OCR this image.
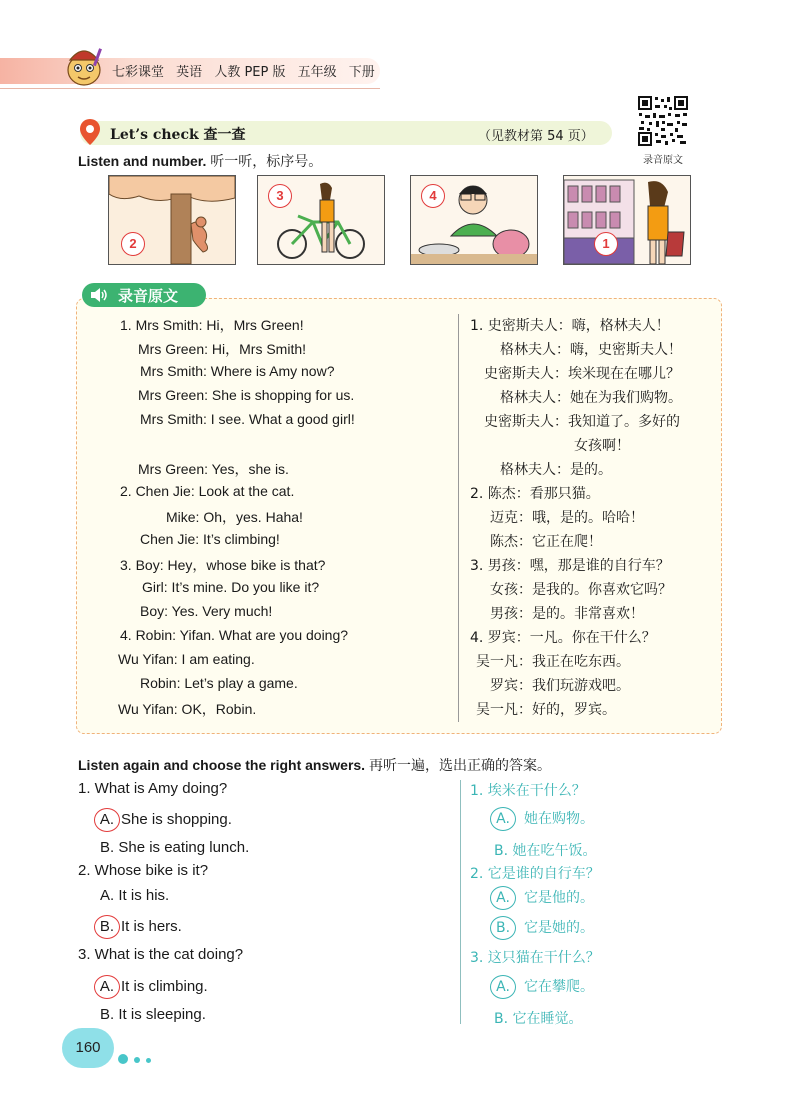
七彩课堂 英语 人教 PEP 版 五年级 下册
录音原文
Let’s check 查一查	（见教材第 54 页）
Listen and number. 听一听，标序号。
2
3	4
1
录音原文
1. Mrs Smith: Hi，Mrs Green!
Mrs Green: Hi，Mrs Smith!
Mrs Smith: Where is Amy now?
Mrs Green: She is shopping for us.
Mrs Smith: I see. What a good girl!
Mrs Green: Yes，she is.
2. Chen Jie: Look at the cat.
Mike: Oh，yes. Haha!
Chen Jie: It’s climbing!
3. Boy: Hey，whose bike is that?
Girl: It’s mine. Do you like it?
Boy: Yes. Very much!
4. Robin: Yifan. What are you doing?
Wu Yifan: I am eating.
Robin: Let’s play a game.
Wu Yifan: OK，Robin.
1. 史密斯夫人：嗨，格林夫人！
格林夫人：嗨，史密斯夫人！
史密斯夫人：埃米现在在哪儿？
格林夫人：她在为我们购物。
史密斯夫人：我知道了。多好的
女孩啊！
格林夫人：是的。
2. 陈杰：看那只猫。
迈克：哦，是的。哈哈！
陈杰：它正在爬！
3. 男孩：嘿，那是谁的自行车？
女孩：是我的。你喜欢它吗？
男孩：是的。非常喜欢！
4. 罗宾：一凡。你在干什么？
吴一凡：我正在吃东西。
罗宾：我们玩游戏吧。
吴一凡：好的，罗宾。
Listen again and choose the right answers. 再听一遍，选出正确的答案。
1. What is Amy doing?
A. She is shopping.
B. She is eating lunch.
2. Whose bike is it?
A. It is his.
B. It is hers.
3. What is the cat doing?
A. It is climbing.
B. It is sleeping.
1. 埃米在干什么？
A. 她在购物。
B. 她在吃午饭。
2. 它是谁的自行车？
A. 它是他的。
B. 它是她的。
3. 这只猫在干什么？
A. 它在攀爬。
B. 它在睡觉。
160
